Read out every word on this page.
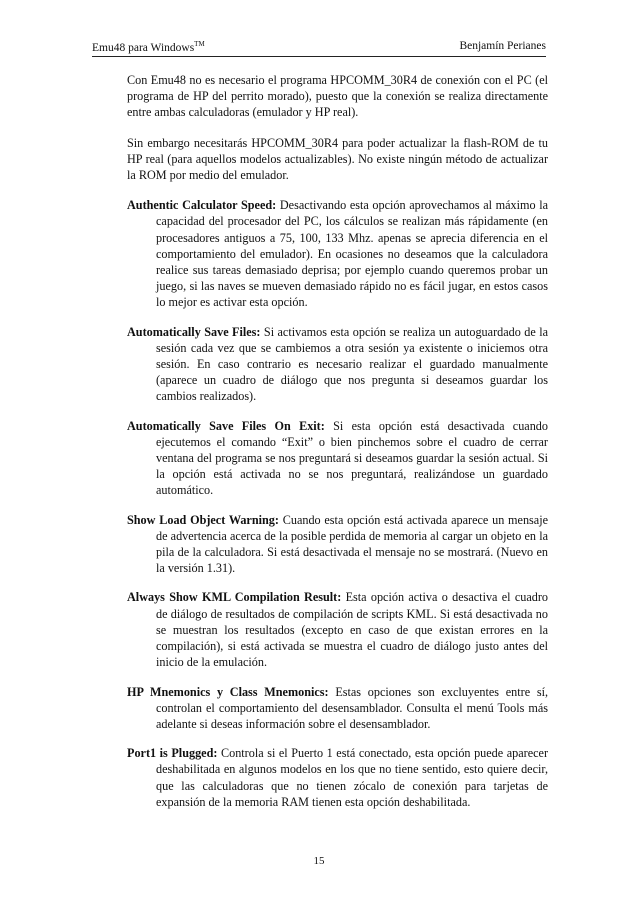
Emu48 para Windows™	Benjamín Perianes

Con Emu48 no es necesario el programa HPCOMM_30R4 de conexión con el PC (el programa de HP del perrito morado), puesto que la conexión se realiza directamente entre ambas calculadoras (emulador y HP real).

Sin embargo necesitarás HPCOMM_30R4 para poder actualizar la flash-ROM de tu HP real (para aquellos modelos actualizables). No existe ningún método de actualizar la ROM por medio del emulador.

Authentic Calculator Speed: Desactivando esta opción aprovechamos al máximo la capacidad del procesador del PC, los cálculos se realizan más rápidamente (en procesadores antiguos a 75, 100, 133 Mhz. apenas se aprecia diferencia en el comportamiento del emulador). En ocasiones no deseamos que la calculadora realice sus tareas demasiado deprisa; por ejemplo cuando queremos probar un juego, si las naves se mueven demasiado rápido no es fácil jugar, en estos casos lo mejor es activar esta opción.
Automatically Save Files: Si activamos esta opción se realiza un autoguardado de la sesión cada vez que se cambiemos a otra sesión ya existente o iniciemos otra sesión. En caso contrario es necesario realizar el guardado manualmente (aparece un cuadro de diálogo que nos pregunta si deseamos guardar los cambios realizados).
Automatically Save Files On Exit: Si esta opción está desactivada cuando ejecutemos el comando “Exit” o bien pinchemos sobre el cuadro de cerrar ventana del programa se nos preguntará si deseamos guardar la sesión actual. Si la opción está activada no se nos preguntará, realizándose un guardado automático.
Show Load Object Warning: Cuando esta opción está activada aparece un mensaje de advertencia acerca de la posible perdida de memoria al cargar un objeto en la pila de la calculadora. Si está desactivada el mensaje no se mostrará. (Nuevo en la versión 1.31).
Always Show KML Compilation Result: Esta opción activa o desactiva el cuadro de diálogo de resultados de compilación de scripts KML. Si está desactivada no se muestran los resultados (excepto en caso de que existan errores en la compilación), si está activada se muestra el cuadro de diálogo justo antes del inicio de la emulación.
HP Mnemonics y Class Mnemonics: Estas opciones son excluyentes entre sí, controlan el comportamiento del desensamblador. Consulta el menú Tools más adelante si deseas información sobre el desensamblador.
Port1 is Plugged: Controla si el Puerto 1 está conectado, esta opción puede aparecer deshabilitada en algunos modelos en los que no tiene sentido, esto quiere decir, que las calculadoras que no tienen zócalo de conexión para tarjetas de expansión de la memoria RAM tienen esta opción deshabilitada.
15
